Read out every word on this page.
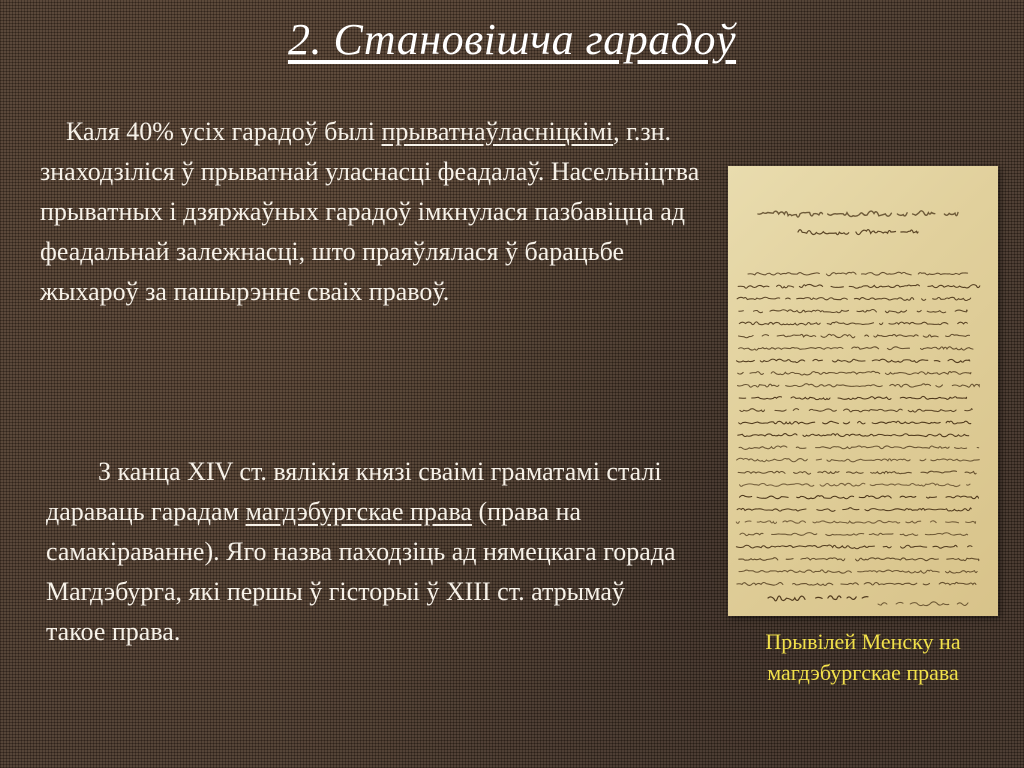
2. Становішча гарадоў

Каля 40% усіх гарадоў былі прыватнаўласніцкімі, г.зн. знаходзіліся ў прыватнай уласнасці феадалаў. Насельніцтва прыватных і дзяржаўных гарадоў імкнулася пазбавіцца ад феадальнай залежнасці, што праяўлялася ў барацьбе жыхароў за пашырэнне сваіх правоў.

З канца XIV ст. вялікія князі сваімі граматамі сталі дараваць гарадам магдэбургскае права (права на самакіраванне). Яго назва паходзіць ад нямецкага горада Магдэбурга, які першы ў гісторыі ў XIII ст. атрымаў такое права.	Прывілей Менску на магдэбургскае права
